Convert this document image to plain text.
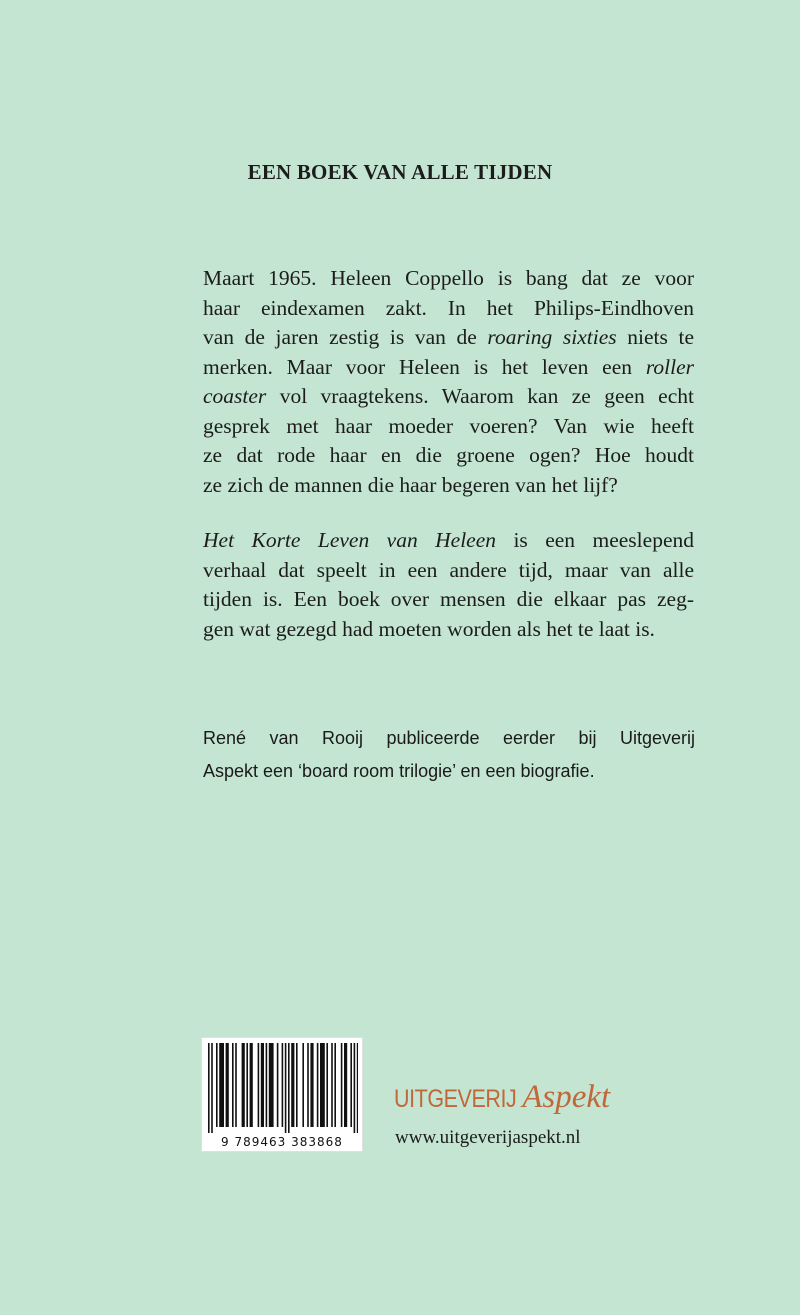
EEN BOEK VAN ALLE TIJDEN
Maart 1965. Heleen Coppello is bang dat ze voor
haar eindexamen zakt. In het Philips-Eindhoven
van de jaren zestig is van de roaring sixties niets te
merken. Maar voor Heleen is het leven een roller
coaster vol vraagtekens. Waarom kan ze geen echt
gesprek met haar moeder voeren? Van wie heeft
ze dat rode haar en die groene ogen? Hoe houdt
ze zich de mannen die haar begeren van het lijf?
Het Korte Leven van Heleen is een meeslepend
verhaal dat speelt in een andere tijd, maar van alle
tijden is. Een boek over mensen die elkaar pas zeg-
gen wat gezegd had moeten worden als het te laat is.
René van Rooij publiceerde eerder bij Uitgeverij
Aspekt een ‘board room trilogie’ en een biografie.
9 789463 383868
UITGEVERIJ Aspekt
www.uitgeverijaspekt.nl
